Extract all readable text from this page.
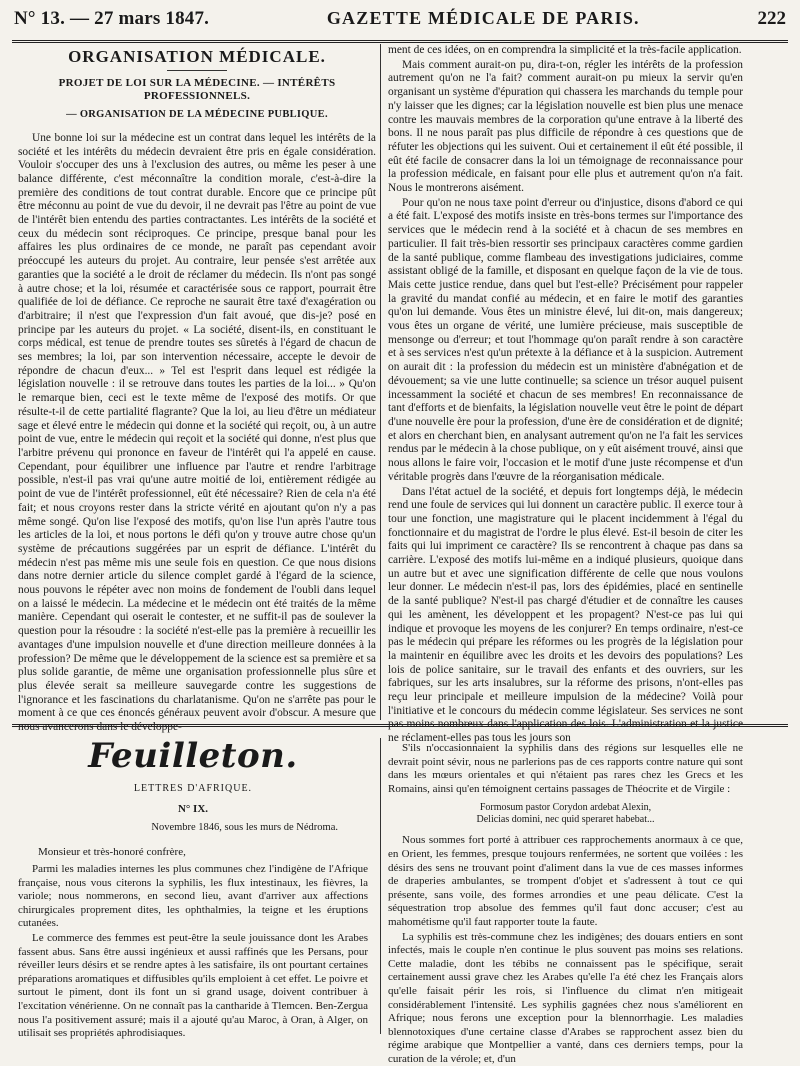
N° 13. — 27 mars 1847.	GAZETTE MÉDICALE DE PARIS.	222
ORGANISATION MÉDICALE.
PROJET DE LOI SUR LA MÉDECINE. — INTÉRÊTS PROFESSIONNELS.
— ORGANISATION DE LA MÉDECINE PUBLIQUE.

Une bonne loi sur la médecine est un contrat dans lequel les intérêts de la société et les intérêts du médecin devraient être pris en égale considération. Vouloir s'occuper des uns à l'exclusion des autres, ou même les peser à une balance différente, c'est méconnaître la condition morale, c'est-à-dire la première des conditions de tout contrat durable. Encore que ce principe pût être méconnu au point de vue du devoir, il ne devrait pas l'être au point de vue de l'intérêt bien entendu des parties contractantes. Les intérêts de la société et ceux du médecin sont réciproques. Ce principe, presque banal pour les affaires les plus ordinaires de ce monde, ne paraît pas cependant avoir préoccupé les auteurs du projet. Au contraire, leur pensée s'est arrêtée aux garanties que la société a le droit de réclamer du médecin. Ils n'ont pas songé à autre chose; et la loi, résumée et caractérisée sous ce rapport, pourrait être qualifiée de loi de défiance. Ce reproche ne saurait être taxé d'exagération ou d'arbitraire; il n'est que l'expression d'un fait avoué, que dis-je? posé en principe par les auteurs du projet. « La société, disent-ils, en constituant le corps médical, est tenue de prendre toutes ses sûretés à l'égard de chacun de ses membres; la loi, par son intervention nécessaire, accepte le devoir de répondre de chacun d'eux... » Tel est l'esprit dans lequel est rédigée la législation nouvelle : il se retrouve dans toutes les parties de la loi... » Qu'on le remarque bien, ceci est le texte même de l'exposé des motifs. Or que résulte-t-il de cette partialité flagrante? Que la loi, au lieu d'être un médiateur sage et élevé entre le médecin qui donne et la société qui reçoit, ou, à un autre point de vue, entre le médecin qui reçoit et la société qui donne, n'est plus que l'arbitre prévenu qui prononce en faveur de l'intérêt qui l'a appelé en cause. Cependant, pour équilibrer une influence par l'autre et rendre l'arbitrage possible, n'est-il pas vrai qu'une autre moitié de loi, entièrement rédigée au point de vue de l'intérêt professionnel, eût été nécessaire? Rien de cela n'a été fait; et nous croyons rester dans la stricte vérité en ajoutant qu'on n'y a pas même songé. Qu'on lise l'exposé des motifs, qu'on lise l'un après l'autre tous les articles de la loi, et nous portons le défi qu'on y trouve autre chose qu'un système de précautions suggérées par un esprit de défiance. L'intérêt du médecin n'est pas même mis une seule fois en question. Ce que nous disions dans notre dernier article du silence complet gardé à l'égard de la science, nous pouvons le répéter avec non moins de fondement de l'oubli dans lequel on a laissé le médecin. La médecine et le médecin ont été traités de la même manière. Cependant qui oserait le contester, et ne suffit-il pas de soulever la question pour la résoudre : la société n'est-elle pas la première à recueillir les avantages d'une impulsion nouvelle et d'une direction meilleure données à la profession? De même que le développement de la science est sa première et sa plus solide garantie, de même une organisation professionnelle plus sûre et plus élevée serait sa meilleure sauvegarde contre les suggestions de l'ignorance et les fascinations du charlatanisme. Qu'on ne s'arrête pas pour le moment à ce que ces énoncés généraux peuvent avoir d'obscur. A mesure que nous avancerons dans le développe-

ment de ces idées, on en comprendra la simplicité et la très-facile application.

Mais comment aurait-on pu, dira-t-on, régler les intérêts de la profession autrement qu'on ne l'a fait? comment aurait-on pu mieux la servir qu'en organisant un système d'épuration qui chassera les marchands du temple pour n'y laisser que les dignes; car la législation nouvelle est bien plus une menace contre les mauvais membres de la corporation qu'une entrave à la liberté des bons. Il ne nous paraît pas plus difficile de répondre à ces questions que de réfuter les objections qui les suivent. Oui et certainement il eût été possible, il eût été facile de consacrer dans la loi un témoignage de reconnaissance pour la profession médicale, en faisant pour elle plus et autrement qu'on n'a fait. Nous le montrerons aisément.

Pour qu'on ne nous taxe point d'erreur ou d'injustice, disons d'abord ce qui a été fait. L'exposé des motifs insiste en très-bons termes sur l'importance des services que le médecin rend à la société et à chacun de ses membres en particulier. Il fait très-bien ressortir ses principaux caractères comme gardien de la santé publique, comme flambeau des investigations judiciaires, comme assistant obligé de la famille, et disposant en quelque façon de la vie de tous. Mais cette justice rendue, dans quel but l'est-elle? Précisément pour rappeler la gravité du mandat confié au médecin, et en faire le motif des garanties qu'on lui demande. Vous êtes un ministre élevé, lui dit-on, mais dangereux; vous êtes un organe de vérité, une lumière précieuse, mais susceptible de mensonge ou d'erreur; et tout l'hommage qu'on paraît rendre à son caractère et à ses services n'est qu'un prétexte à la défiance et à la suspicion. Autrement on aurait dit : la profession du médecin est un ministère d'abnégation et de dévouement; sa vie une lutte continuelle; sa science un trésor auquel puisent incessamment la société et chacun de ses membres! En reconnaissance de tant d'efforts et de bienfaits, la législation nouvelle veut être le point de départ d'une nouvelle ère pour la profession, d'une ère de considération et de dignité; et alors en cherchant bien, en analysant autrement qu'on ne l'a fait les services rendus par le médecin à la chose publique, on y eût aisément trouvé, ainsi que nous allons le faire voir, l'occasion et le motif d'une juste récompense et d'un véritable progrès dans l'œuvre de la réorganisation médicale.

Dans l'état actuel de la société, et depuis fort longtemps déjà, le médecin rend une foule de services qui lui donnent un caractère public. Il exerce tour à tour une fonction, une magistrature qui le placent incidemment à l'égal du fonctionnaire et du magistrat de l'ordre le plus élevé. Est-il besoin de citer les faits qui lui impriment ce caractère? Ils se rencontrent à chaque pas dans sa carrière. L'exposé des motifs lui-même en a indiqué plusieurs, quoique dans un autre but et avec une signification différente de celle que nous voulons leur donner. Le médecin n'est-il pas, lors des épidémies, placé en sentinelle de la santé publique? N'est-il pas chargé d'étudier et de connaître les causes qui les amènent, les développent et les propagent? N'est-ce pas lui qui indique et provoque les moyens de les conjurer? En temps ordinaire, n'est-ce pas le médecin qui prépare les réformes ou les progrès de la législation pour la maintenir en équilibre avec les droits et les devoirs des populations? Les lois de police sanitaire, sur le travail des enfants et des ouvriers, sur les fabriques, sur les arts insalubres, sur la réforme des prisons, n'ont-elles pas reçu leur principale et meilleure impulsion de la médecine? Voilà pour l'initiative et le concours du médecin comme législateur. Ses services ne sont pas moins nombreux dans l'application des lois. L'administration et la justice ne réclament-elles pas tous les jours son

Feuilleton.
LETTRES D'AFRIQUE.
N° IX.
Novembre 1846, sous les murs de Nédroma.
Monsieur et très-honoré confrère,

Parmi les maladies internes les plus communes chez l'indigène de l'Afrique française, nous vous citerons la syphilis, les flux intestinaux, les fièvres, la variole; nous nommerons, en second lieu, avant d'arriver aux affections chirurgicales proprement dites, les ophthalmies, la teigne et les éruptions cutanées.

Le commerce des femmes est peut-être la seule jouissance dont les Arabes fassent abus. Sans être aussi ingénieux et aussi raffinés que les Persans, pour réveiller leurs désirs et se rendre aptes à les satisfaire, ils ont pourtant certaines préparations aromatiques et diffusibles qu'ils emploient à cet effet. Le poivre et surtout le piment, dont ils font un si grand usage, doivent contribuer à l'excitation vénérienne. On ne connaît pas la cantharide à Tlemcen. Ben-Zergua nous l'a positivement assuré; mais il a ajouté qu'au Maroc, à Oran, à Alger, on utilisait ses propriétés aphrodisiaques.

S'ils n'occasionnaient la syphilis dans des régions sur lesquelles elle ne devrait point sévir, nous ne parlerions pas de ces rapports contre nature qui sont dans les mœurs orientales et qui n'étaient pas rares chez les Grecs et les Romains, ainsi qu'en témoignent certains passages de Théocrite et de Virgile :

Formosum pastor Corydon ardebat Alexin,
Delicias domini, nec quid speraret habebat...

Nous sommes fort porté à attribuer ces rapprochements anormaux à ce que, en Orient, les femmes, presque toujours renfermées, ne sortent que voilées : les désirs des sens ne trouvant point d'aliment dans la vue de ces masses informes de draperies ambulantes, se trompent d'objet et s'adressent à tout ce qui présente, sans voile, des formes arrondies et une peau délicate. C'est la séquestration trop absolue des femmes qu'il faut donc accuser; c'est au mahométisme qu'il faut rapporter toute la faute.

La syphilis est très-commune chez les indigènes; des douars entiers en sont infectés, mais le couple n'en continue le plus souvent pas moins ses relations. Cette maladie, dont les tébibs ne connaissent pas le spécifique, serait certainement aussi grave chez les Arabes qu'elle l'a été chez les Français alors qu'elle faisait périr les rois, si l'influence du climat n'en mitigeait considérablement l'intensité. Les syphilis gagnées chez nous s'améliorent en Afrique; nous ferons une exception pour la blennorrhagie. Les maladies blennotoxiques d'une certaine classe d'Arabes se rapprochent assez bien du régime arabique que Montpellier a vanté, dans ces derniers temps, pour la curation de la vérole; et, d'un
